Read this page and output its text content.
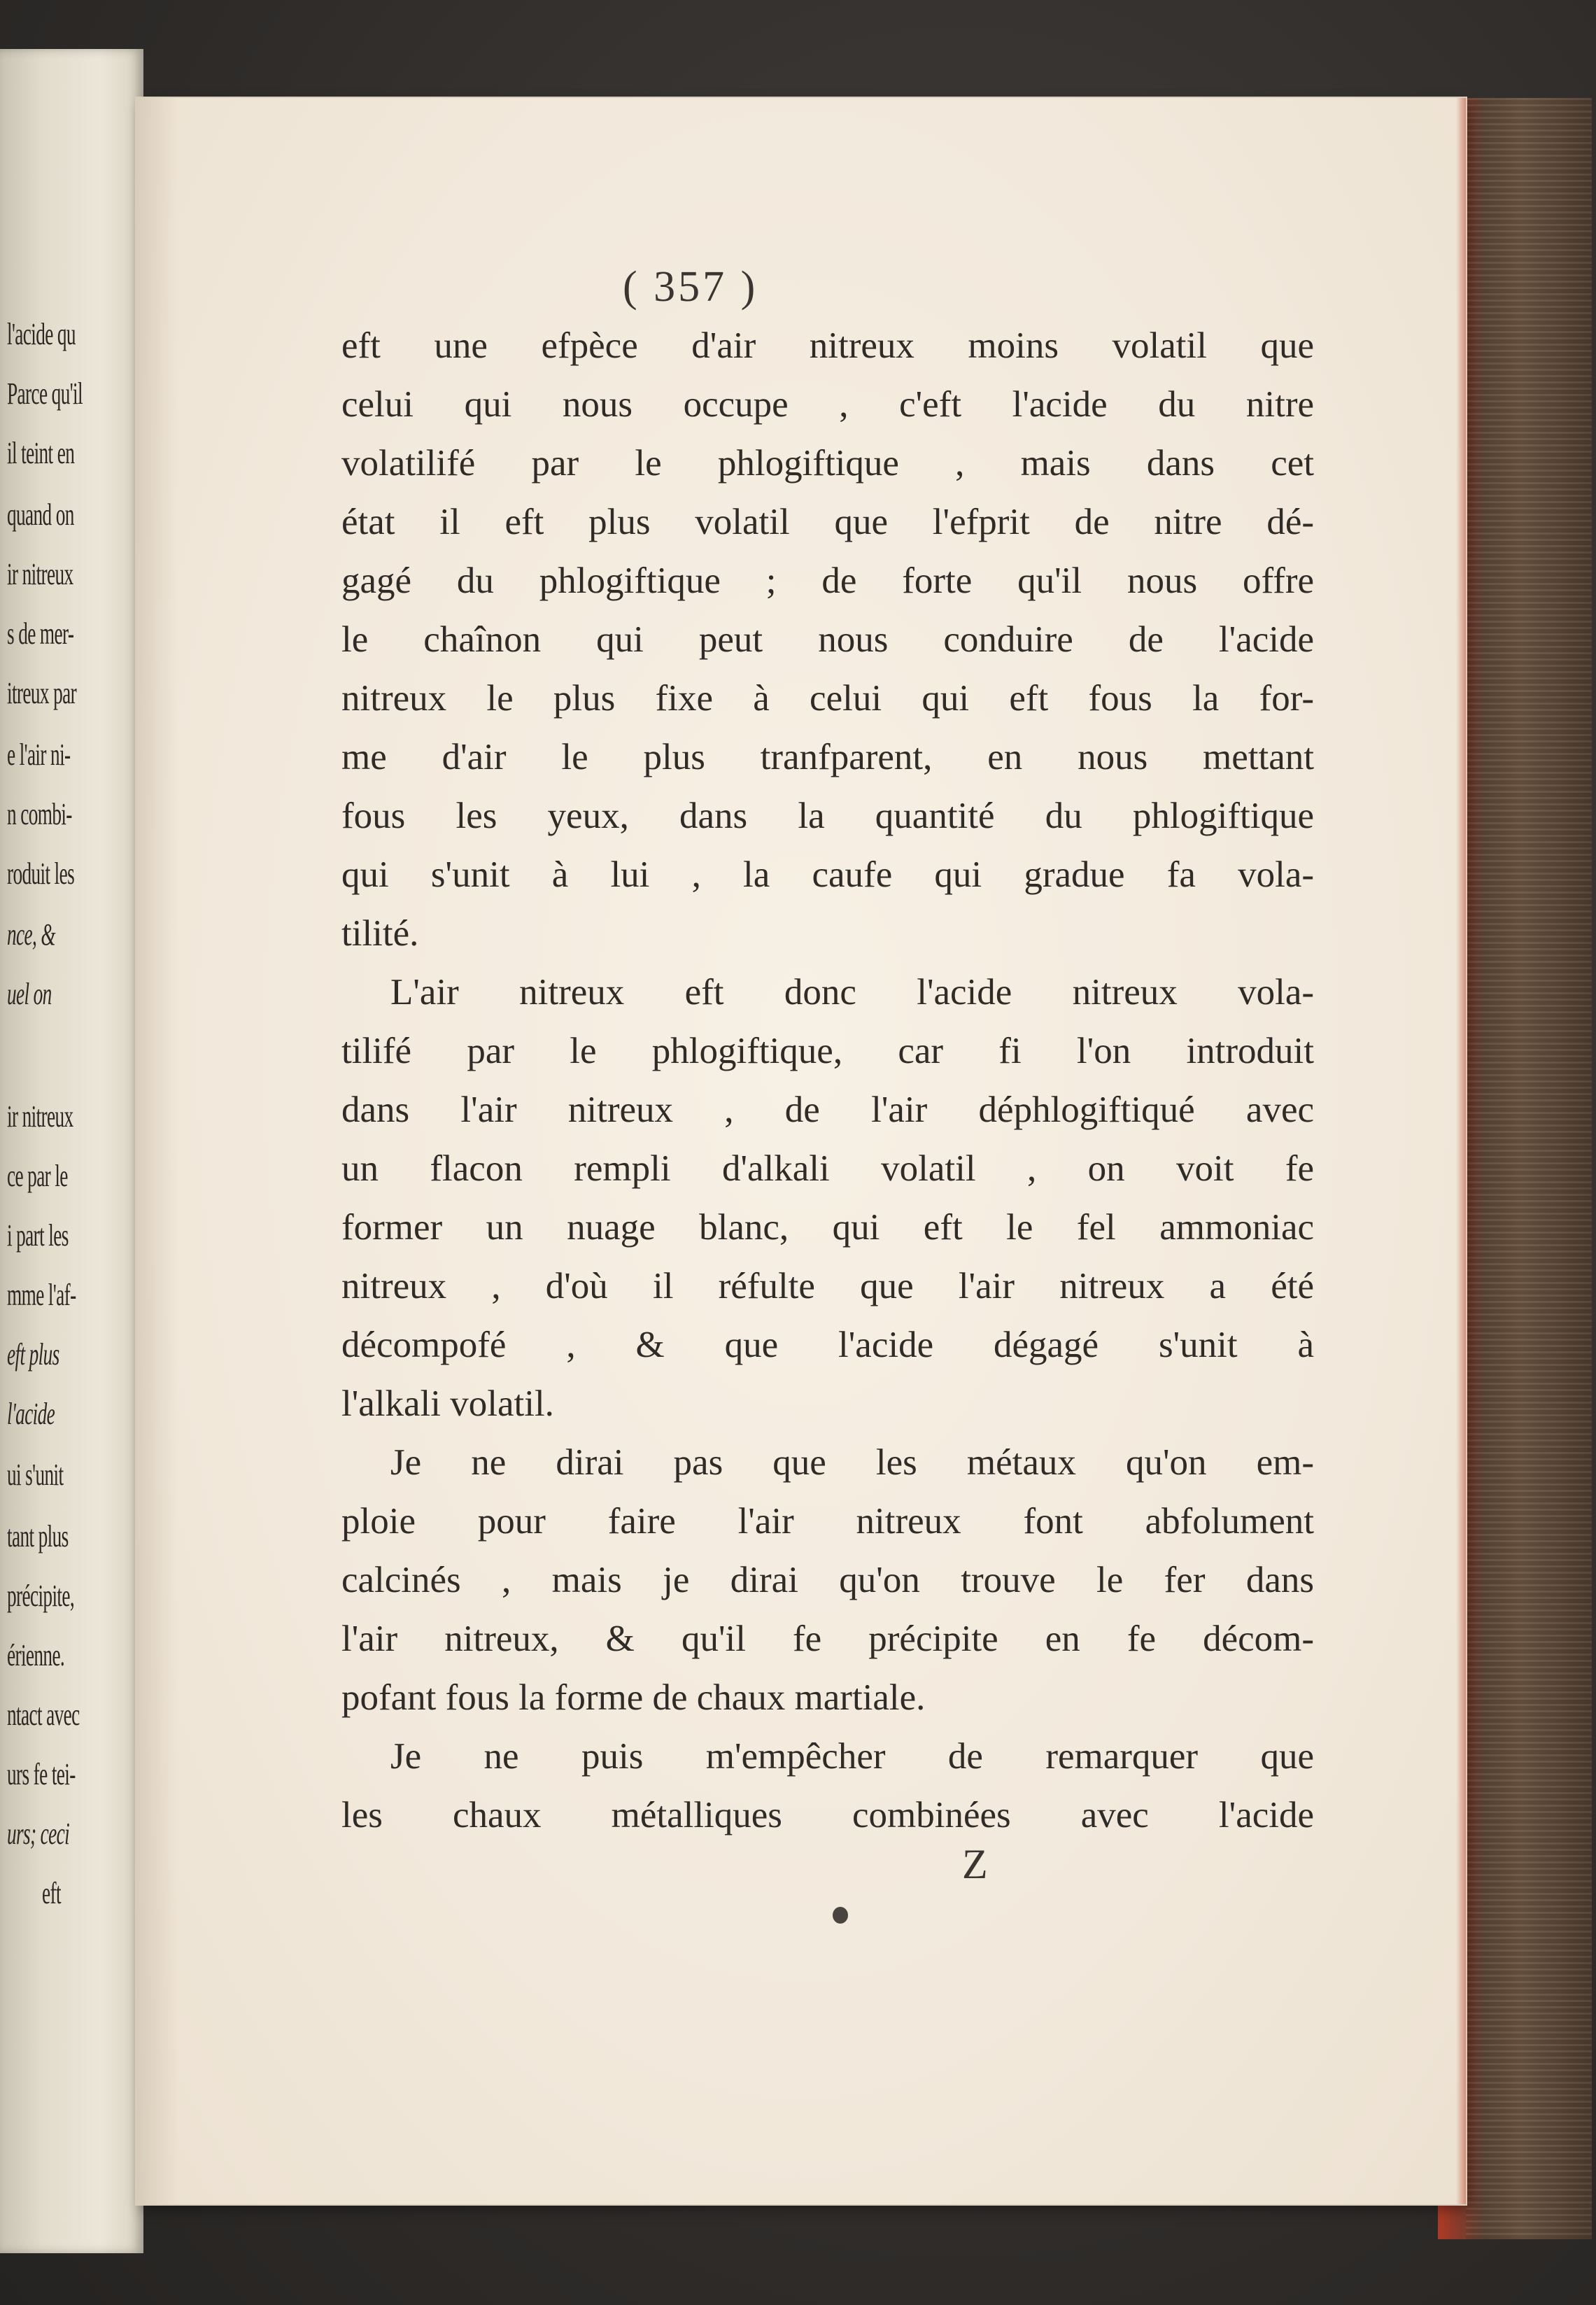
l'acide qu
Parce qu'il
il teint en
quand on
ir nitreux
s de mer-
itreux par
e l'air ni-
n combi-
roduit les
nce, &
uel on
ir nitreux
ce par le
i part les
mme l'af-
eft plus
l'acide
ui s'unit
tant plus
précipite,
érienne.
ntact avec
urs fe tei-
urs; ceci
eft
( 357 )
eft une efpèce d'air nitreux moins volatil que
celui qui nous occupe , c'eft l'acide du nitre
volatilifé par le phlogiftique , mais dans cet
état il eft plus volatil que l'efprit de nitre dé-
gagé du phlogiftique ; de forte qu'il nous offre
le chaînon qui peut nous conduire de l'acide
nitreux le plus fixe à celui qui eft fous la for-
me d'air le plus tranfparent, en nous mettant
fous les yeux, dans la quantité du phlogiftique
qui s'unit à lui , la caufe qui gradue fa vola-
tilité.
L'air nitreux eft donc l'acide nitreux vola-
tilifé par le phlogiftique, car fi l'on introduit
dans l'air nitreux , de l'air déphlogiftiqué avec
un flacon rempli d'alkali volatil , on voit fe
former un nuage blanc, qui eft le fel ammoniac
nitreux , d'où il réfulte que l'air nitreux a été
décompofé , & que l'acide dégagé s'unit à
l'alkali volatil.
Je ne dirai pas que les métaux qu'on em-
ploie pour faire l'air nitreux font abfolument
calcinés , mais je dirai qu'on trouve le fer dans
l'air nitreux, & qu'il fe précipite en fe décom-
pofant fous la forme de chaux martiale.
Je ne puis m'empêcher de remarquer que
les chaux métalliques combinées avec l'acide
Z
